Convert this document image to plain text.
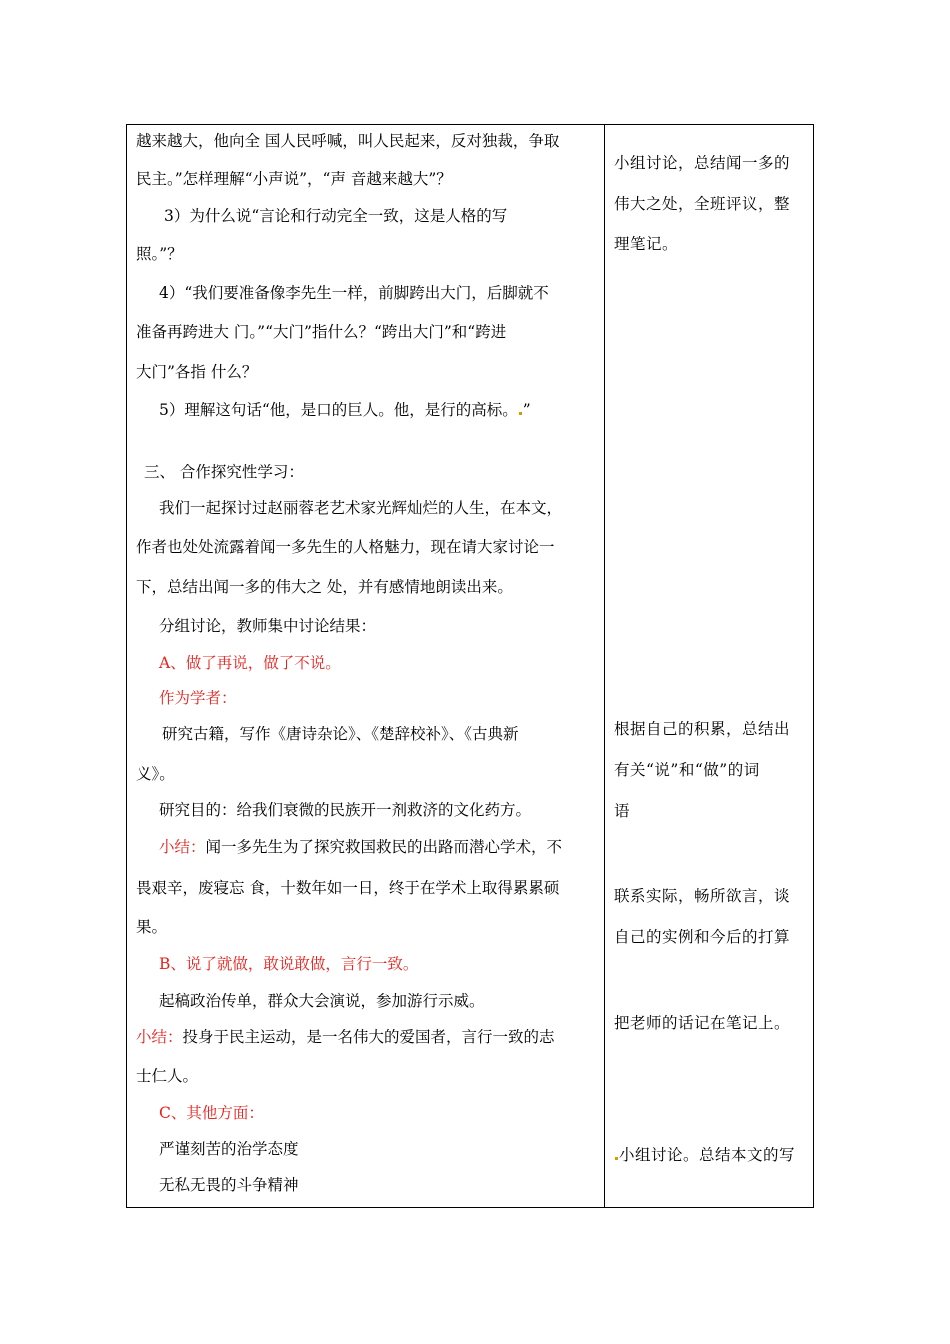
越来越大，他向全 国人民呼喊，叫人民起来，反对独裁，争取
民主。”怎样理解“小声说”，“声 音越来越大”？
3）为什么说“言论和行动完全一致，这是人格的写
照。”？
4）“我们要准备像李先生一样，前脚跨出大门，后脚就不
准备再跨进大 门。”“大门”指什么？“跨出大门”和“跨进
大门”各指 什么？
5）理解这句话“他，是口的巨人。他，是行的高标。 ”
三、 合作探究性学习：
我们一起探讨过赵丽蓉老艺术家光辉灿烂的人生，在本文，
作者也处处流露着闻一多先生的人格魅力，现在请大家讨论一
下，总结出闻一多的伟大之 处，并有感情地朗读出来。
分组讨论，教师集中讨论结果：
A、做了再说，做了不说。
作为学者：
研究古籍，写作《唐诗杂论》、《楚辞校补》、《古典新
义》。
研究目的：给我们衰微的民族开一剂救济的文化药方。
小结：闻一多先生为了探究救国救民的出路而潜心学术，不
畏艰辛，废寝忘 食，十数年如一日，终于在学术上取得累累硕
果。
B、说了就做，敢说敢做，言行一致。
起稿政治传单，群众大会演说，参加游行示威。
小结：投身于民主运动，是一名伟大的爱国者，言行一致的志
士仁人。
C、其他方面：
严谨刻苦的治学态度
无私无畏的斗争精神
小组讨论，总结闻一多的
伟大之处，全班评议，整
理笔记。
根据自己的积累，总结出
有关“说”和“做”的词
语
联系实际，畅所欲言，谈
自己的实例和今后的打算
把老师的话记在笔记上。
小组讨论。总结本文的写
